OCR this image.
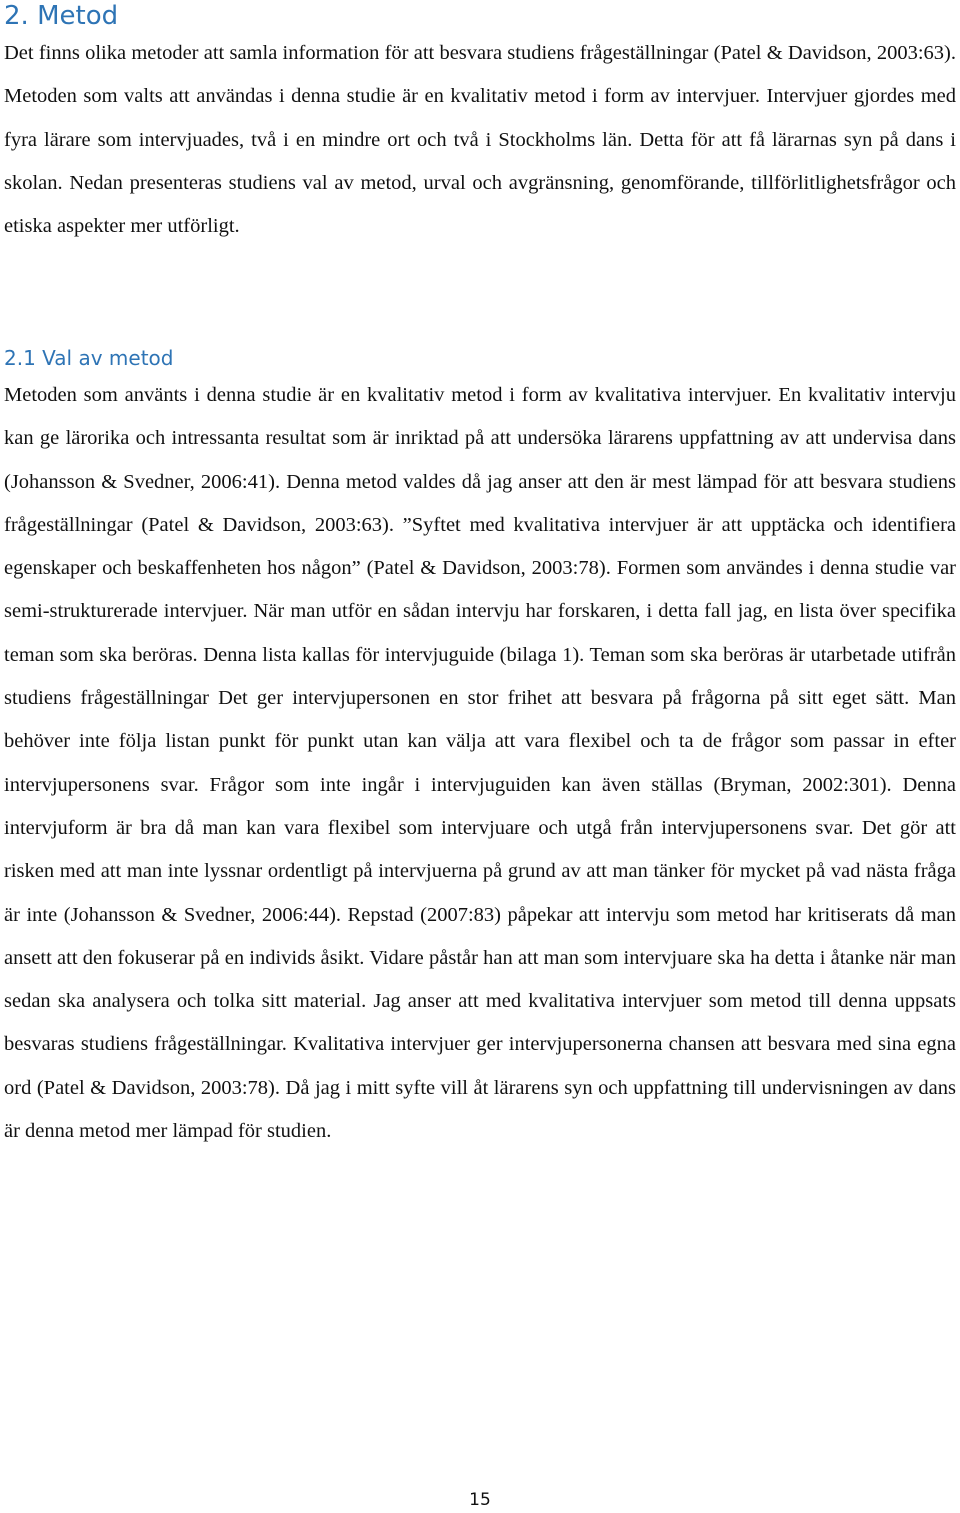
2. Metod

Det finns olika metoder att samla information för att besvara studiens frågeställningar (Patel & Davidson, 2003:63). Metoden som valts att användas i denna studie är en kvalitativ metod i form av intervjuer. Intervjuer gjordes med fyra lärare som intervjuades, två i en mindre ort och två i Stockholms län. Detta för att få lärarnas syn på dans i skolan. Nedan presenteras studiens val av metod, urval och avgränsning, genomförande, tillförlitlighetsfrågor och etiska aspekter mer utförligt.

2.1 Val av metod

Metoden som använts i denna studie är en kvalitativ metod i form av kvalitativa intervjuer. En kvalitativ intervju kan ge lärorika och intressanta resultat som är inriktad på att undersöka lärarens uppfattning av att undervisa dans (Johansson & Svedner, 2006:41). Denna metod valdes då jag anser att den är mest lämpad för att besvara studiens frågeställningar (Patel & Davidson, 2003:63). ”Syftet med kvalitativa intervjuer är att upptäcka och identifiera egenskaper och beskaffenheten hos någon” (Patel & Davidson, 2003:78). Formen som användes i denna studie var semi-strukturerade intervjuer. När man utför en sådan intervju har forskaren, i detta fall jag, en lista över specifika teman som ska beröras. Denna lista kallas för intervjuguide (bilaga 1). Teman som ska beröras är utarbetade utifrån studiens frågeställningar Det ger intervjupersonen en stor frihet att besvara på frågorna på sitt eget sätt. Man behöver inte följa listan punkt för punkt utan kan välja att vara flexibel och ta de frågor som passar in efter intervjupersonens svar. Frågor som inte ingår i intervjuguiden kan även ställas (Bryman, 2002:301). Denna intervjuform är bra då man kan vara flexibel som intervjuare och utgå från intervjupersonens svar. Det gör att risken med att man inte lyssnar ordentligt på intervjuerna på grund av att man tänker för mycket på vad nästa fråga är inte (Johansson & Svedner, 2006:44). Repstad (2007:83) påpekar att intervju som metod har kritiserats då man ansett att den fokuserar på en individs åsikt. Vidare påstår han att man som intervjuare ska ha detta i åtanke när man sedan ska analysera och tolka sitt material. Jag anser att med kvalitativa intervjuer som metod till denna uppsats besvaras studiens frågeställningar. Kvalitativa intervjuer ger intervjupersonerna chansen att besvara med sina egna ord (Patel & Davidson, 2003:78). Då jag i mitt syfte vill åt lärarens syn och uppfattning till undervisningen av dans är denna metod mer lämpad för studien.

15
